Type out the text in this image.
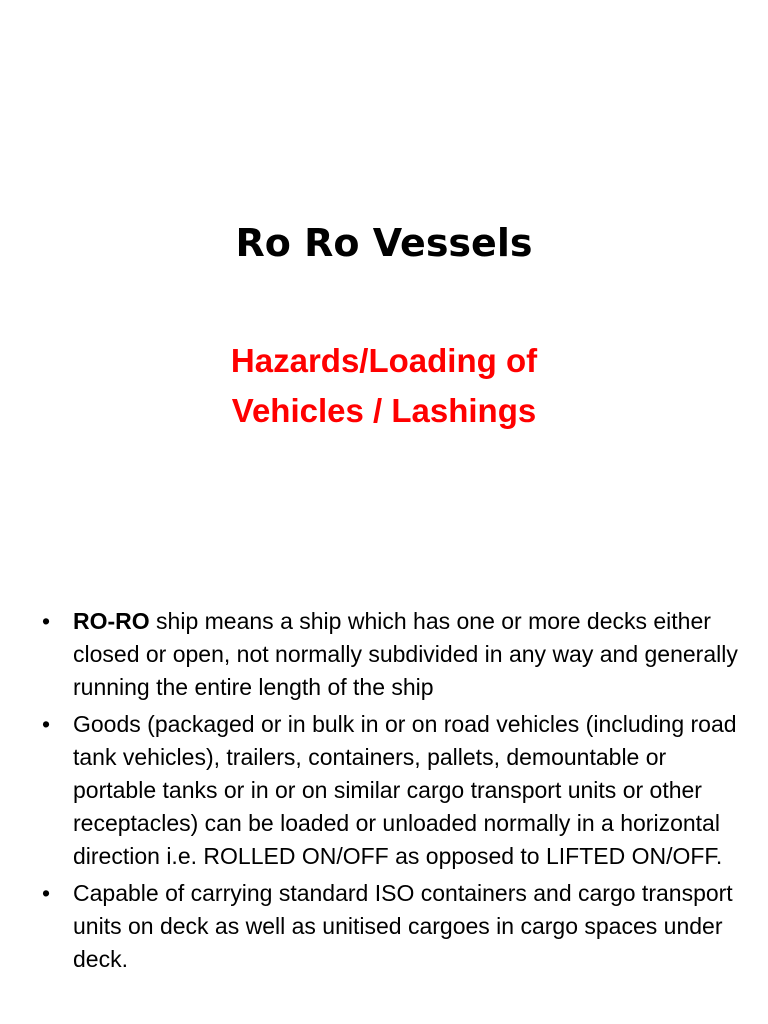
Ro Ro Vessels
Hazards/Loading of
Vehicles / Lashings
• RO-RO ship means a ship which has one or more decks either closed or open, not normally subdivided in any way and generally running the entire length of the ship
• Goods (packaged or in bulk in or on road vehicles (including road tank vehicles), trailers, containers, pallets, demountable or portable tanks or in or on similar cargo transport units or other receptacles) can be loaded or unloaded normally in a horizontal direction i.e. ROLLED ON/OFF as opposed to LIFTED ON/OFF.
• Capable of carrying standard ISO containers and cargo transport units on deck as well as unitised cargoes in cargo spaces under deck.
